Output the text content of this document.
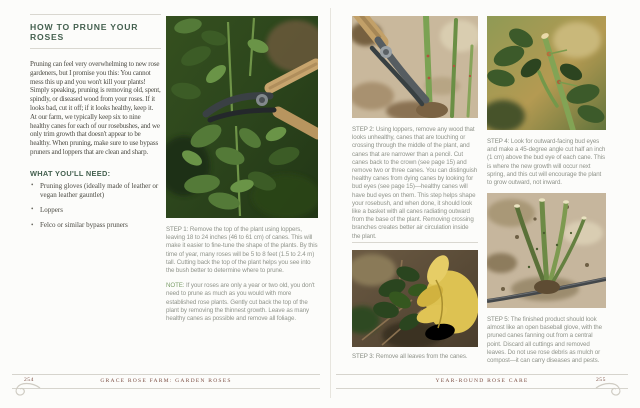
HOW TO PRUNE YOUR ROSES

Pruning can feel very overwhelming to new rose gardeners, but I promise you this: You cannot mess this up and you won't kill your plants! Simply speaking, pruning is removing old, spent, spindly, or diseased wood from your roses. If it looks bad, cut it off; if it looks healthy, keep it. At our farm, we typically keep six to nine healthy canes for each of our rosebushes, and we only trim growth that doesn't appear to be healthy. When pruning, make sure to use bypass pruners and loppers that are clean and sharp.

WHAT YOU'LL NEED:
• Pruning gloves (ideally made of leather or vegan leather gauntlet)
• Loppers
• Felco or similar bypass pruners

STEP 1: Remove the top of the plant using loppers, leaving 18 to 24 inches (46 to 61 cm) of canes. This will make it easier to fine-tune the shape of the plants. By this time of year, many roses will be 5 to 8 feet (1.5 to 2.4 m) tall. Cutting back the top of the plant helps you see into the bush better to determine where to prune.

NOTE: If your roses are only a year or two old, you don't need to prune as much as you would with more established rose plants. Gently cut back the top of the plant by removing the thinnest growth. Leave as many healthy canes as possible and remove all foliage.

STEP 2: Using loppers, remove any wood that looks unhealthy, canes that are touching or crossing through the middle of the plant, and canes that are narrower than a pencil. Cut canes back to the crown (see page 15) and remove two or three canes. You can distinguish healthy canes from dying canes by looking for bud eyes (see page 15)—healthy canes will have bud eyes on them. This step helps shape your rosebush, and when done, it should look like a basket with all canes radiating outward from the base of the plant. Removing crossing branches creates better air circulation inside the plant.

STEP 3: Remove all leaves from the canes.

STEP 4: Look for outward-facing bud eyes and make a 45-degree angle cut half an inch (1 cm) above the bud eye of each cane. This is where the new growth will occur next spring, and this cut will encourage the plant to grow outward, not inward.

STEP 5: The finished product should look almost like an open baseball glove, with the pruned canes fanning out from a central point. Discard all cuttings and removed leaves. Do not use rose debris as mulch or compost—it can carry diseases and pests.

GRACE ROSE FARM: GARDEN ROSES
254	YEAR-ROUND ROSE CARE	255
